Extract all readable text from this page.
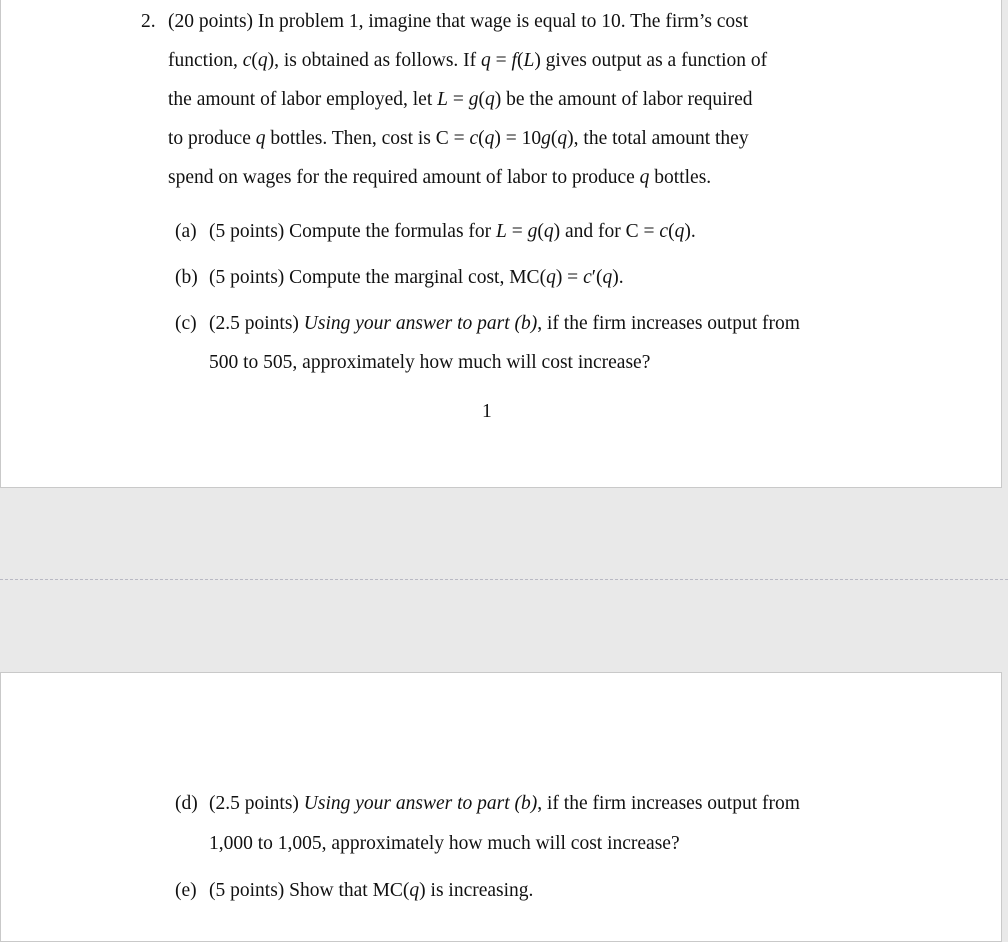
2. (20 points) In problem 1, imagine that wage is equal to 10. The firm’s cost
function, c(q), is obtained as follows. If q = f(L) gives output as a function of
the amount of labor employed, let L = g(q) be the amount of labor required
to produce q bottles. Then, cost is C = c(q) = 10g(q), the total amount they
spend on wages for the required amount of labor to produce q bottles.
(a) (5 points) Compute the formulas for L = g(q) and for C = c(q).
(b) (5 points) Compute the marginal cost, MC(q) = c′(q).
(c) (2.5 points) Using your answer to part (b), if the firm increases output from
500 to 505, approximately how much will cost increase?
1
(d) (2.5 points) Using your answer to part (b), if the firm increases output from
1,000 to 1,005, approximately how much will cost increase?
(e) (5 points) Show that MC(q) is increasing.
